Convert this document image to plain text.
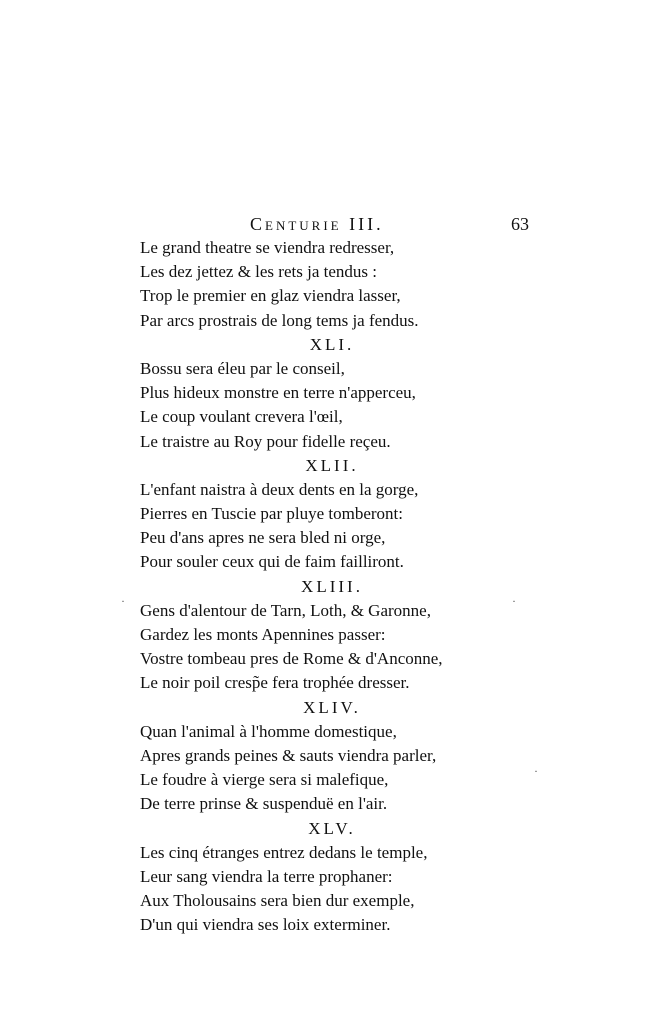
Centurie III.	63
Le grand theatre se viendra redresser,
Les dez jettez & les rets ja tendus :
Trop le premier en glaz viendra lasser,
Par arcs prostrais de long tems ja fendus.
XLI.
Bossu sera éleu par le conseil,
Plus hideux monstre en terre n'apperceu,
Le coup voulant crevera l'œil,
Le traistre au Roy pour fidelle reçeu.
XLII.
L'enfant naistra à deux dents en la gorge,
Pierres en Tuscie par pluye tomberont:
Peu d'ans apres ne sera bled ni orge,
Pour souler ceux qui de faim failliront.
XLIII.
Gens d'alentour de Tarn, Loth, & Garonne,
Gardez les monts Apennines passer:
Vostre tombeau pres de Rome & d'Anconne,
Le noir poil cresp̃e fera trophée dresser.
XLIV.
Quan l'animal à l'homme domestique,
Apres grands peines & sauts viendra parler,
Le foudre à vierge sera si malefique,
De terre prinse & suspenduë en l'air.
XLV.
Les cinq étranges entrez dedans le temple,
Leur sang viendra la terre prophaner:
Aux Tholousains sera bien dur exemple,
D'un qui viendra ses loix exterminer.
·	·
·
